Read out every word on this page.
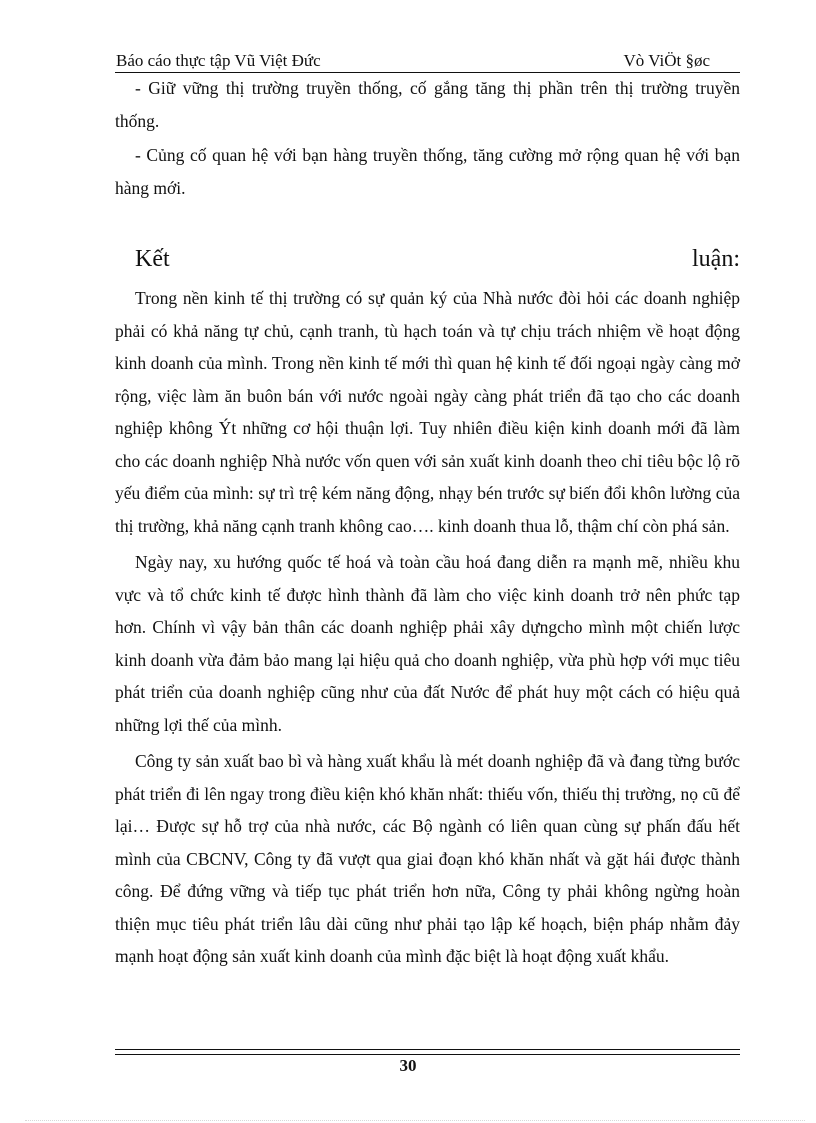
Báo cáo thực tập Vũ Việt Đức	Vò ViÖt §øc

- Giữ vững thị trường truyền thống, cố gắng tăng thị phần trên thị trường truyền thống.

- Củng cố quan hệ với bạn hàng truyền thống, tăng cường mở rộng quan hệ với bạn hàng mới.

Kết	luận:

Trong nền kinh tế thị trường có sự quản ký của Nhà nước đòi hỏi các doanh nghiệp phải có khả năng tự chủ, cạnh tranh, tù hạch toán và tự chịu trách nhiệm về hoạt động kinh doanh của mình. Trong nền kinh tế mới thì quan hệ kinh tế đối ngoại ngày càng mở rộng, việc làm ăn buôn bán với nước ngoài ngày càng phát triển đã tạo cho các doanh nghiệp không Ýt những cơ hội thuận lợi. Tuy nhiên điều kiện kinh doanh mới đã làm cho các doanh nghiệp Nhà nước vốn quen với sản xuất kinh doanh theo chỉ tiêu bộc lộ rõ yếu điểm của mình: sự trì trệ kém năng động, nhạy bén trước sự biến đổi khôn lường của thị trường, khả năng cạnh tranh không cao…. kinh doanh thua lỗ, thậm chí còn phá sản.

Ngày nay, xu hướng quốc tế hoá và toàn cầu hoá đang diễn ra mạnh mẽ, nhiều khu vực và tổ chức kinh tế được hình thành đã làm cho việc kinh doanh trở nên phức tạp hơn. Chính vì vậy bản thân các doanh nghiệp phải xây dựngcho mình một chiến lược kinh doanh vừa đảm bảo mang lại hiệu quả cho doanh nghiệp, vừa phù hợp với mục tiêu phát triển của doanh nghiệp cũng như của đất Nước để phát huy một cách có hiệu quả những lợi thế của mình.

Công ty sản xuất bao bì và hàng xuất khẩu là mét doanh nghiệp đã và đang từng bước phát triển đi lên ngay trong điều kiện khó khăn nhất: thiếu vốn, thiếu thị trường, nọ cũ để lại… Được sự hỗ trợ của nhà nước, các Bộ ngành có liên quan cùng sự phấn đấu hết mình của CBCNV, Công ty đã vượt qua giai đoạn khó khăn nhất và gặt hái được thành công. Để đứng vững và tiếp tục phát triển hơn nữa, Công ty phải không ngừng hoàn thiện mục tiêu phát triển lâu dài cũng như phải tạo lập kế hoạch, biện pháp nhằm đảy mạnh hoạt động sản xuất kinh doanh của mình đặc biệt là hoạt động xuất khẩu.

30
